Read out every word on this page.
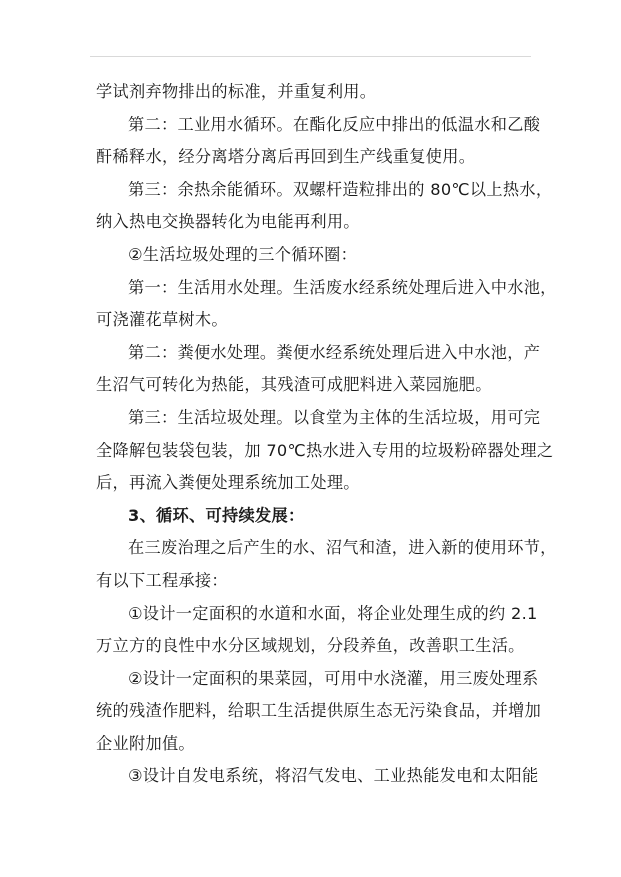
学试剂弃物排出的标准，并重复利用。
第二：工业用水循环。在酯化反应中排出的低温水和乙酸
酐稀释水，经分离塔分离后再回到生产线重复使用。
第三：余热余能循环。双螺杆造粒排出的 80℃以上热水，
纳入热电交换器转化为电能再利用。
②生活垃圾处理的三个循环圈：
第一：生活用水处理。生活废水经系统处理后进入中水池，
可浇灌花草树木。
第二：粪便水处理。粪便水经系统处理后进入中水池，产
生沼气可转化为热能，其残渣可成肥料进入菜园施肥。
第三：生活垃圾处理。以食堂为主体的生活垃圾，用可完
全降解包装袋包装，加 70℃热水进入专用的垃圾粉碎器处理之
后，再流入粪便处理系统加工处理。
3、循环、可持续发展：
在三废治理之后产生的水、沼气和渣，进入新的使用环节，
有以下工程承接：
①设计一定面积的水道和水面，将企业处理生成的约 2.1
万立方的良性中水分区域规划，分段养鱼，改善职工生活。
②设计一定面积的果菜园，可用中水浇灌，用三废处理系
统的残渣作肥料，给职工生活提供原生态无污染食品，并增加
企业附加值。
③设计自发电系统，将沼气发电、工业热能发电和太阳能
